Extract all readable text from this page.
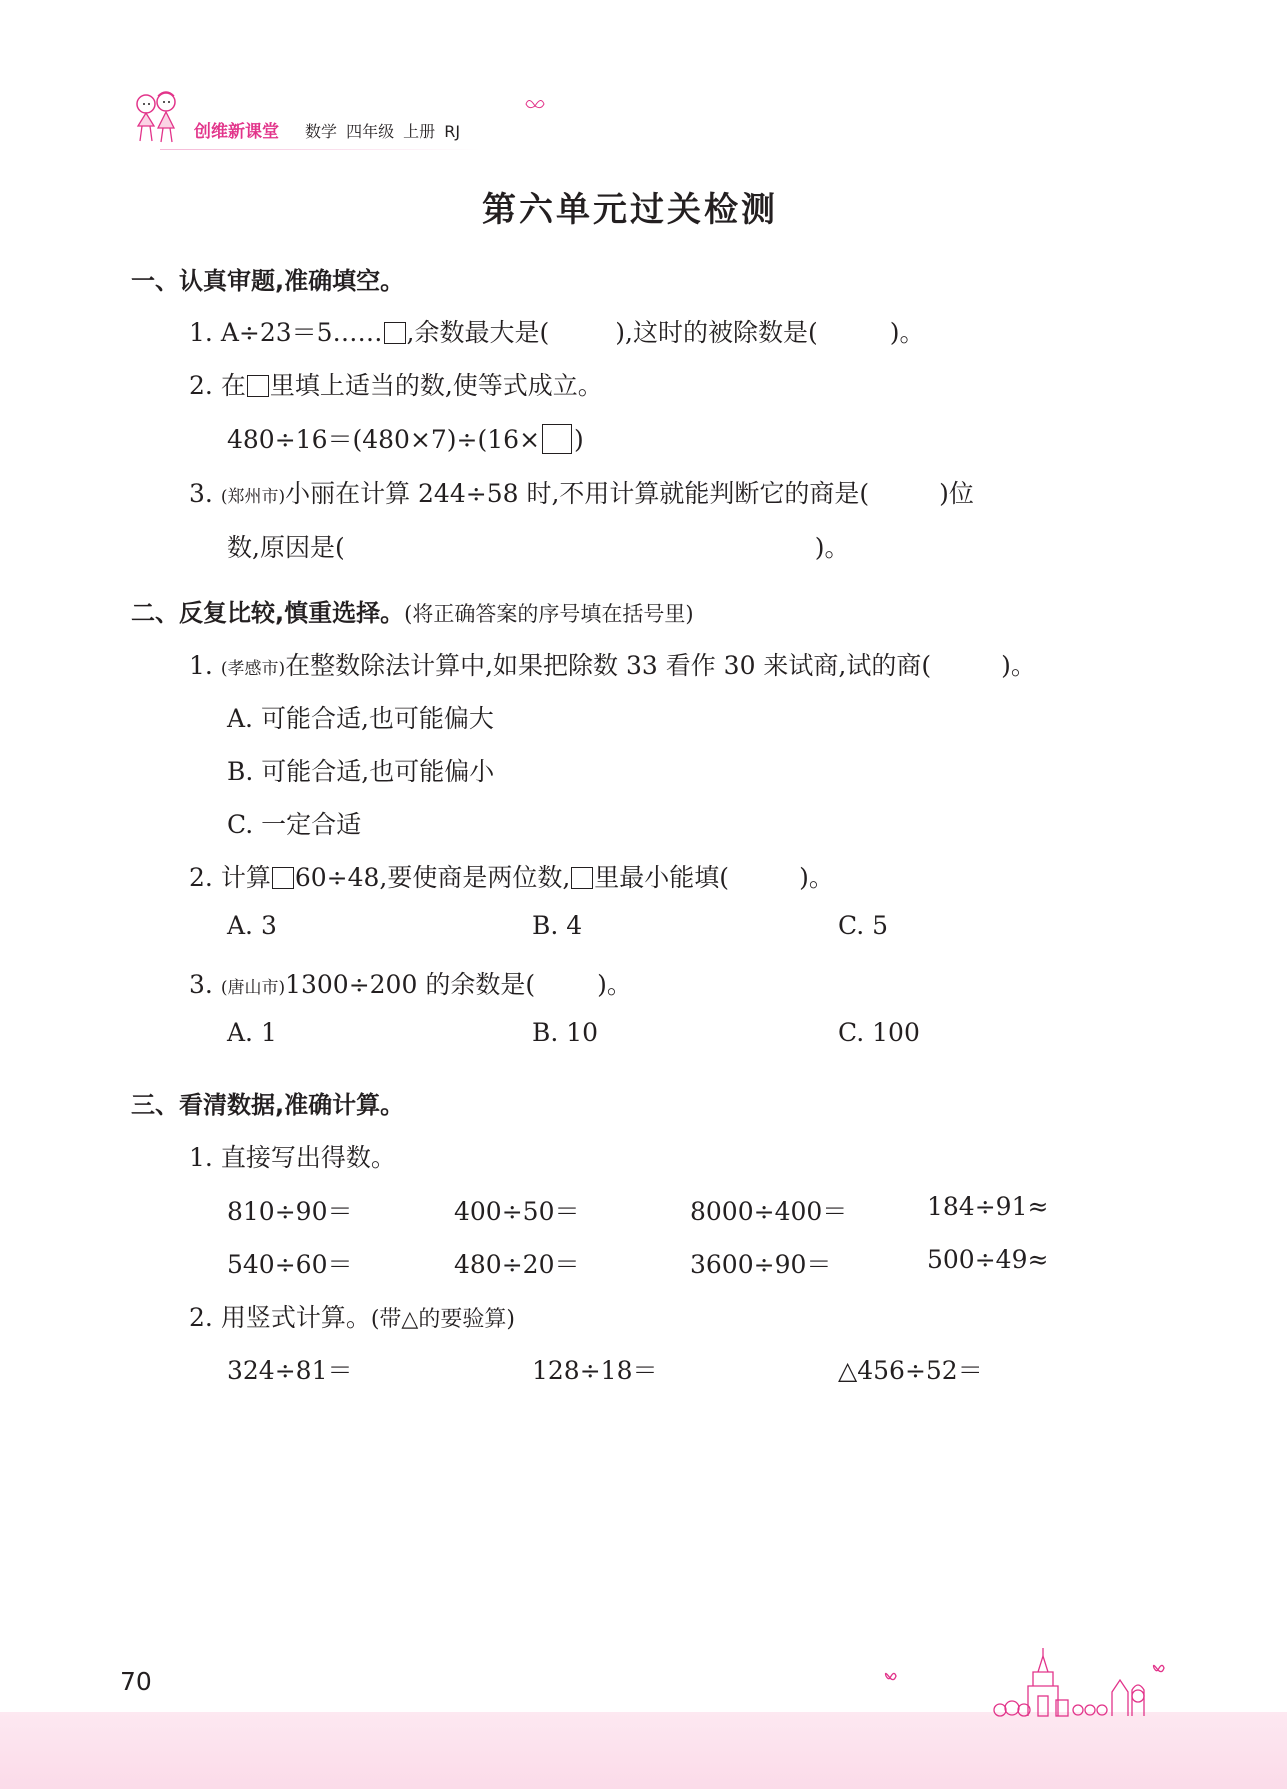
创维新课堂 数学 四年级 上册 RJ
第六单元过关检测
一、认真审题,准确填空。
1. A÷23＝5…… ,余数最大是(	),这时的被除数是(	)。
2. 在 里填上适当的数,使等式成立。
480÷16＝(480×7)÷(16× )
3. (郑州市)小丽在计算 244÷58 时,不用计算就能判断它的商是(	)位
数,原因是(	)。
二、反复比较,慎重选择。(将正确答案的序号填在括号里)
1. (孝感市)在整数除法计算中,如果把除数 33 看作 30 来试商,试的商(	)。
A. 可能合适,也可能偏大
B. 可能合适,也可能偏小
C. 一定合适
2. 计算 60÷48,要使商是两位数, 里最小能填(	)。
A. 3	B. 4	C. 5
3. (唐山市)1300÷200 的余数是( )。
A. 1	B. 10	C. 100
三、看清数据,准确计算。
1. 直接写出得数。
810÷90＝	400÷50＝	8000÷400＝	184÷91≈
540÷60＝	480÷20＝	3600÷90＝	500÷49≈
2. 用竖式计算。(带△的要验算)
324÷81＝	128÷18＝	△456÷52＝
70
